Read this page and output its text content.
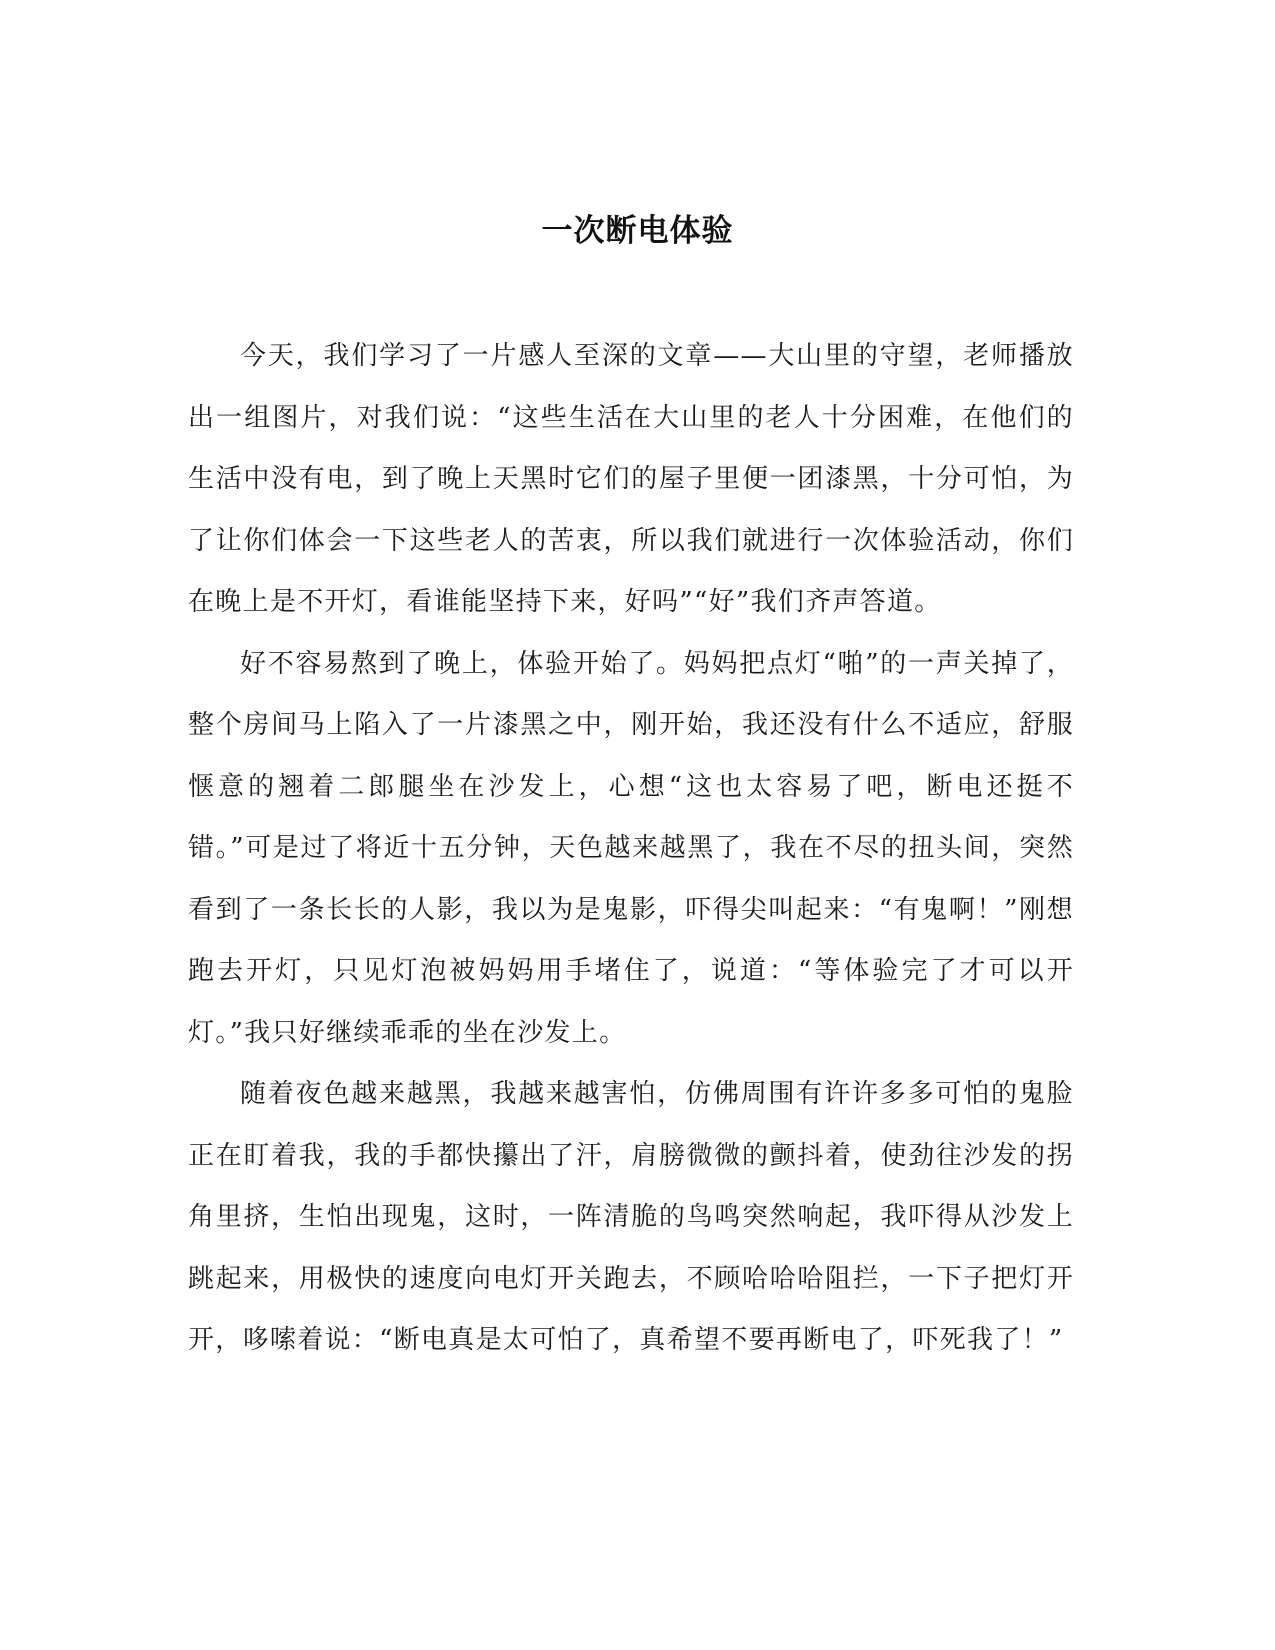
一次断电体验

今天，我们学习了一片感人至深的文章——大山里的守望，老师播放出一组图片，对我们说：“这些生活在大山里的老人十分困难，在他们的生活中没有电，到了晚上天黑时它们的屋子里便一团漆黑，十分可怕，为了让你们体会一下这些老人的苦衷，所以我们就进行一次体验活动，你们在晚上是不开灯，看谁能坚持下来，好吗”“好”我们齐声答道。

好不容易熬到了晚上，体验开始了。妈妈把点灯“啪”的一声关掉了，整个房间马上陷入了一片漆黑之中，刚开始，我还没有什么不适应，舒服惬意的翘着二郎腿坐在沙发上，心想“这也太容易了吧，断电还挺不错。”可是过了将近十五分钟，天色越来越黑了，我在不尽的扭头间，突然看到了一条长长的人影，我以为是鬼影，吓得尖叫起来：“有鬼啊！”刚想跑去开灯，只见灯泡被妈妈用手堵住了，说道：“等体验完了才可以开灯。”我只好继续乖乖的坐在沙发上。

随着夜色越来越黑，我越来越害怕，仿佛周围有许许多多可怕的鬼脸正在盯着我，我的手都快攥出了汗，肩膀微微的颤抖着，使劲往沙发的拐角里挤，生怕出现鬼，这时，一阵清脆的鸟鸣突然响起，我吓得从沙发上跳起来，用极快的速度向电灯开关跑去，不顾哈哈哈阻拦，一下子把灯开开，哆嗦着说：“断电真是太可怕了，真希望不要再断电了，吓死我了！”
